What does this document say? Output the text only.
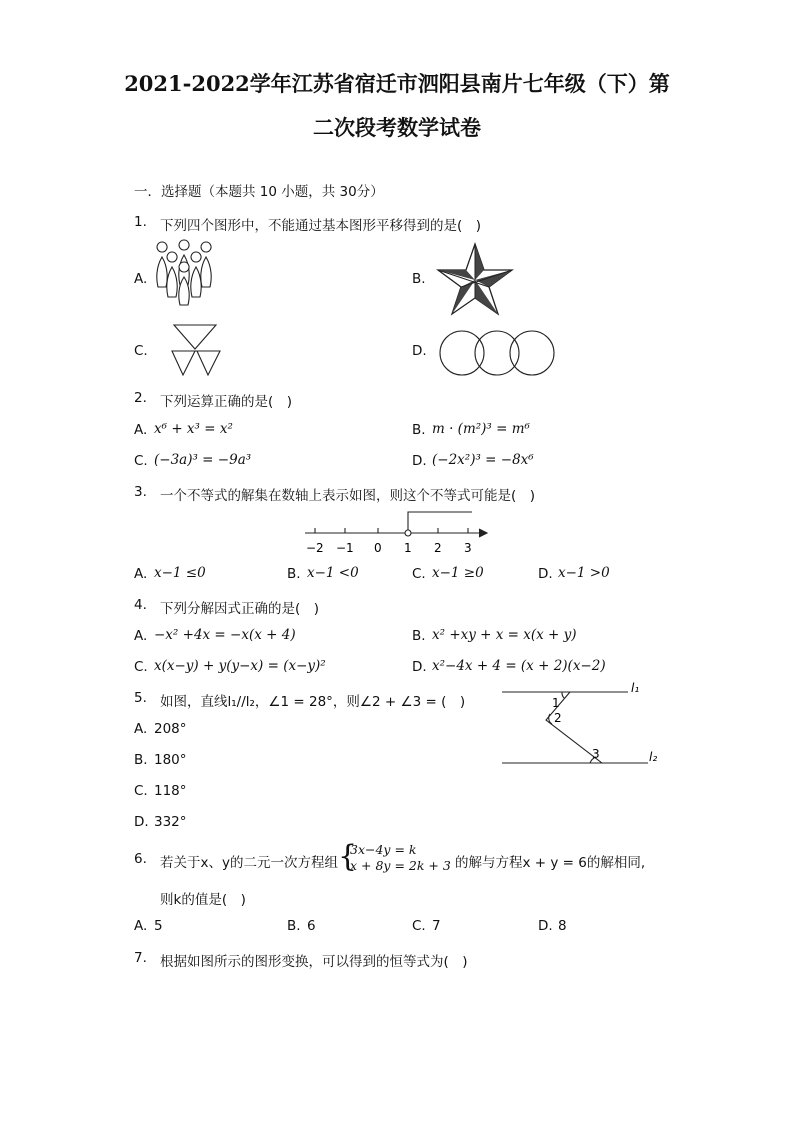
2021-2022学年江苏省宿迁市泗阳县南片七年级（下）第
二次段考数学试卷
一．选择题（本题共 10 小题，共 30分）
1. 下列四个图形中，不能通过基本图形平移得到的是(　)
A.	B.
C.	D.
2. 下列运算正确的是(　)
A. x⁶ + x³ = x²	B. m · (m²)³ = m⁶
C. (−3a)³ = −9a³	D. (−2x²)³ = −8x⁶
3. 一个不等式的解集在数轴上表示如图，则这个不等式可能是(　)
−2 −1 0 1 2 3
A. x−1 ≤0	B. x−1 <0	C. x−1 ≥0	D. x−1 >0
4. 下列分解因式正确的是(　)
A. −x² +4x = −x(x + 4)	B. x² +xy + x = x(x + y)
C. x(x−y) + y(y−x) = (x−y)²	D. x²−4x + 4 = (x + 2)(x−2)
5. 如图，直线l₁//l₂，∠1 = 28°，则∠2 + ∠3 = (　)
A. 208°
B. 180°
C. 118°
D. 332°
l₁
l₂
1
2
3
6. 若关于x、y的二元一次方程组 {
3x−4y = k
x + 8y = 2k + 3 的解与方程x + y = 6的解相同,
则k的值是(　)
A. 5	B. 6	C. 7	D. 8
7. 根据如图所示的图形变换，可以得到的恒等式为(　)
